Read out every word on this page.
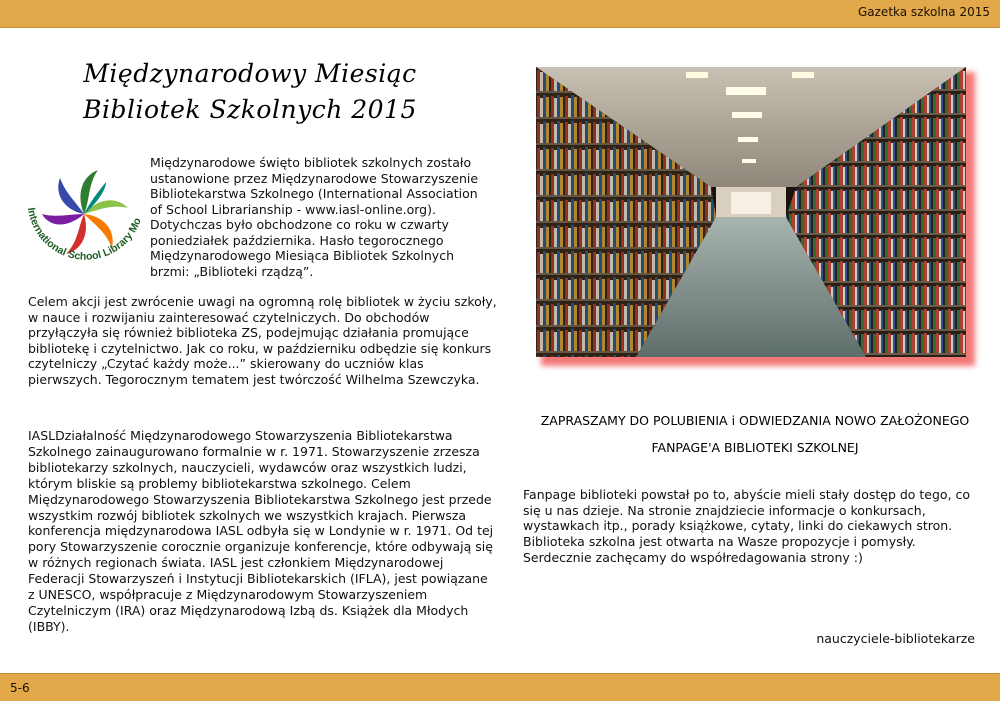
Gazetka szkolna 2015
Międzynarodowy Miesiąc Bibliotek Szkolnych 2015
International School Library Mo
Międzynarodowe święto bibliotek szkolnych zostało ustanowione przez Międzynarodowe Stowarzyszenie Bibliotekarstwa Szkolnego (International Association of School Librarianship - www.iasl-online.org). Dotychczas było obchodzone co roku w czwarty poniedziałek października. Hasło tegorocznego Międzynarodowego Miesiąca Bibliotek Szkolnych brzmi: „Biblioteki rządzą”.
Celem akcji jest zwrócenie uwagi na ogromną rolę bibliotek w życiu szkoły, w nauce i rozwijaniu zainteresować czytelniczych. Do obchodów przyłączyła się również biblioteka ZS, podejmując działania promujące bibliotekę i czytelnictwo. Jak co roku, w październiku odbędzie się konkurs czytelniczy „Czytać każdy może...” skierowany do uczniów klas pierwszych. Tegorocznym tematem jest twórczość Wilhelma Szewczyka.
IASLDziałalność Międzynarodowego Stowarzyszenia Bibliotekarstwa Szkolnego zainaugurowano formalnie w r. 1971. Stowarzyszenie zrzesza bibliotekarzy szkolnych, nauczycieli, wydawców oraz wszystkich ludzi, którym bliskie są problemy bibliotekarstwa szkolnego. Celem Międzynarodowego Stowarzyszenia Bibliotekarstwa Szkolnego jest przede wszystkim rozwój bibliotek szkolnych we wszystkich krajach. Pierwsza konferencja międzynarodowa IASL odbyła się w Londynie w r. 1971. Od tej pory Stowarzyszenie corocznie organizuje konferencje, które odbywają się w różnych regionach świata. IASL jest członkiem Międzynarodowej Federacji Stowarzyszeń i Instytucji Bibliotekarskich (IFLA), jest powiązane z UNESCO, współpracuje z Międzynarodowym Stowarzyszeniem Czytelniczym (IRA) oraz Międzynarodową Izbą ds. Książek dla Młodych (IBBY).
ZAPRASZAMY DO POLUBIENIA i ODWIEDZANIA NOWO ZAŁOŻONEGO
FANPAGE'A BIBLIOTEKI SZKOLNEJ
Fanpage biblioteki powstał po to, abyście mieli stały dostęp do tego, co się u nas dzieje. Na stronie znajdziecie informacje o konkursach, wystawkach itp., porady książkowe, cytaty, linki do ciekawych stron. Biblioteka szkolna jest otwarta na Wasze propozycje i pomysły. Serdecznie zachęcamy do współredagowania strony :)
nauczyciele-bibliotekarze
5-6
